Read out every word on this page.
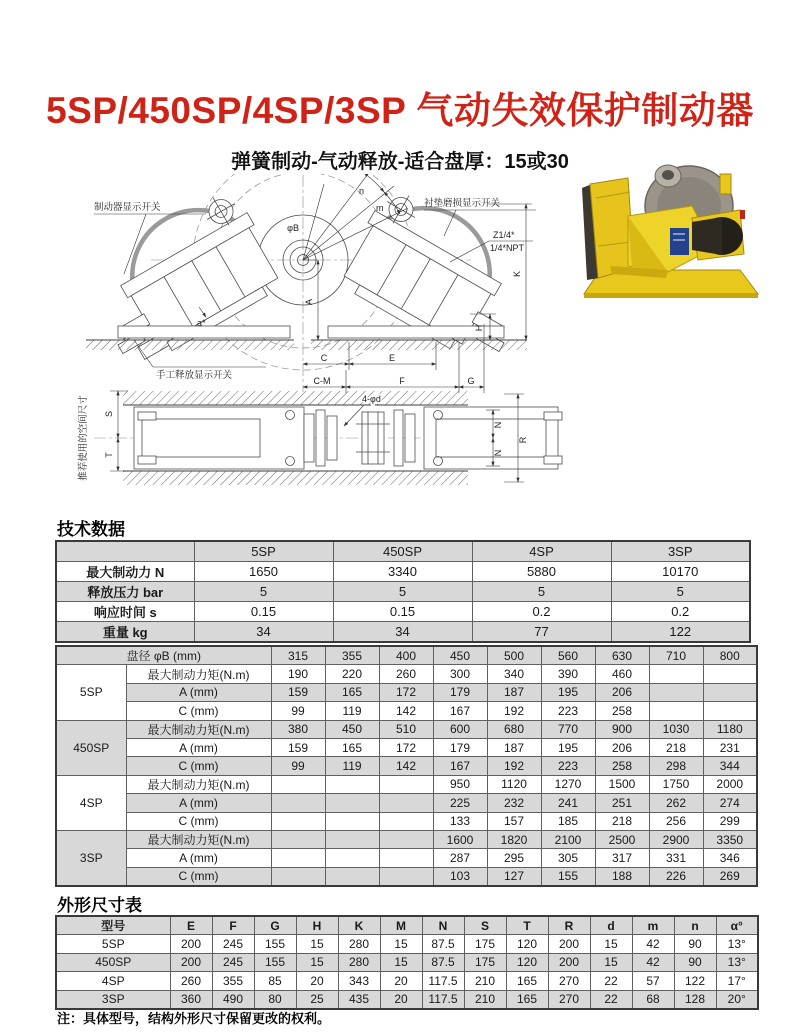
5SP/450SP/4SP/3SP 气动失效保护制动器
弹簧制动-气动释放-适合盘厚：15或30
φB
n
m
A
K
H
C	E
C-M	F	G
制动器显示开关	衬垫磨损显示开关
手工释放显示开关
Z1/4*
1/4*NPT
a*
S
T
推荐使用的空间尺寸	N
N
R
4-φd
技术数据
	5SP	450SP	4SP	3SP
最大制动力 N	1650	3340	5880	10170
释放压力 bar	5	5	5	5
响应时间 s	0.15	0.15	0.2	0.2
重量 kg	34	34	77	122
盘径 φB (mm)		315	355	400	450	500	560	630	710	800
5SP	最大制动力矩(N.m)	190	220	260	300	340	390	460		
	A (mm)	159	165	172	179	187	195	206		
	C (mm)	99	119	142	167	192	223	258		
450SP	最大制动力矩(N.m)	380	450	510	600	680	770	900	1030	1180
	A (mm)	159	165	172	179	187	195	206	218	231
	C (mm)	99	119	142	167	192	223	258	298	344
4SP	最大制动力矩(N.m)				950	1120	1270	1500	1750	2000
	A (mm)				225	232	241	251	262	274
	C (mm)				133	157	185	218	256	299
3SP	最大制动力矩(N.m)				1600	1820	2100	2500	2900	3350
	A (mm)				287	295	305	317	331	346
	C (mm)				103	127	155	188	226	269
外形尺寸表
型号	E	F	G	H	K	M	N	S	T	R	d	m	n	α°
5SP	200	245	155	15	280	15	87.5	175	120	200	15	42	90	13°
450SP	200	245	155	15	280	15	87.5	175	120	200	15	42	90	13°
4SP	260	355	85	20	343	20	117.5	210	165	270	22	57	122	17°
3SP	360	490	80	25	435	20	117.5	210	165	270	22	68	128	20°
注：具体型号，结构外形尺寸保留更改的权利。
